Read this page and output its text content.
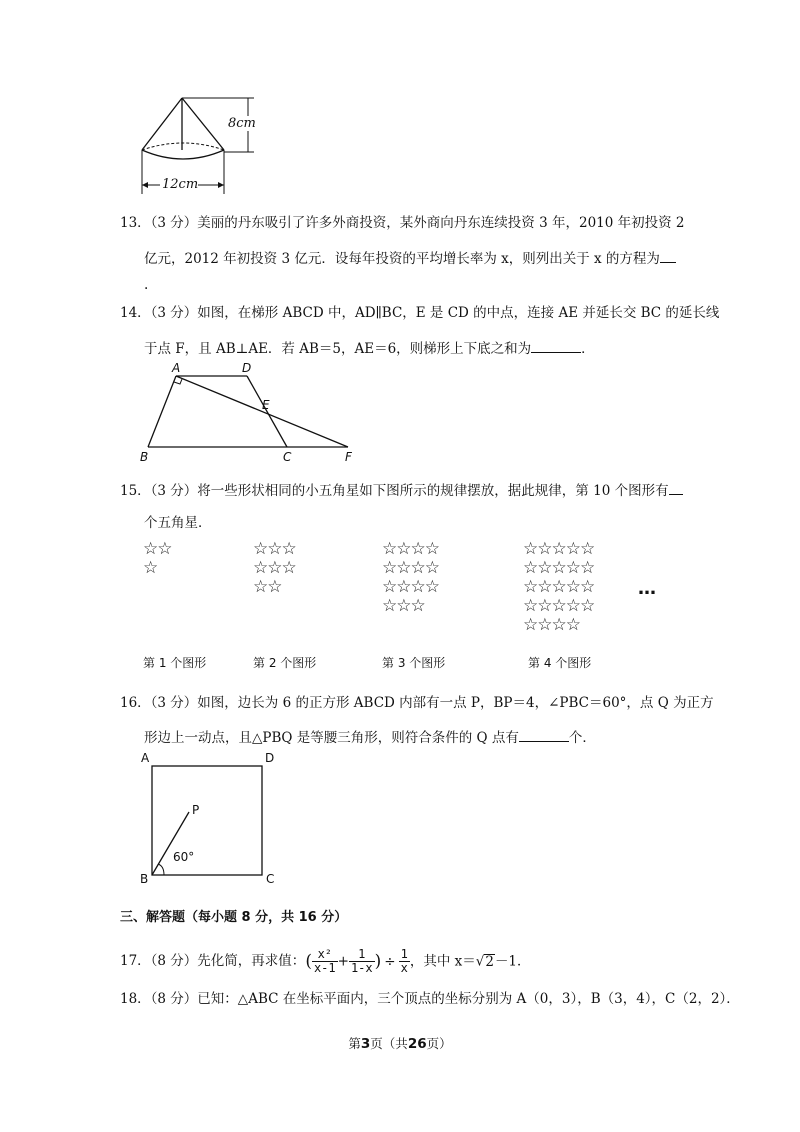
8cm
12cm
13．（3 分）美丽的丹东吸引了许多外商投资，某外商向丹东连续投资 3 年，2010 年初投资 2
亿元，2012 年初投资 3 亿元．设每年投资的平均增长率为 x，则列出关于 x 的方程为
.
14．（3 分）如图，在梯形 ABCD 中，AD∥BC，E 是 CD 的中点，连接 AE 并延长交 BC 的延长线
于点 F，且 AB⊥AE．若 AB＝5，AE＝6，则梯形上下底之和为	．
A	D
E
B	C	F
15．（3 分）将一些形状相同的小五角星如下图所示的规律摆放，据此规律，第 10 个图形有
个五角星．
☆☆
☆
☆☆☆
☆☆☆
☆☆
☆☆☆☆
☆☆☆☆
☆☆☆☆
☆☆☆
☆☆☆☆☆
☆☆☆☆☆
☆☆☆☆☆
☆☆☆☆☆
☆☆☆☆
…
第 1 个图形	第 2 个图形	第 3 个图形	第 4 个图形
16．（3 分）如图，边长为 6 的正方形 ABCD 内部有一点 P，BP＝4，∠PBC＝60°，点 Q 为正方
形边上一动点，且△PBQ 是等腰三角形，则符合条件的 Q 点有	个．
A	D
P
60°
B	C
三、解答题（每小题 8 分，共 16 分）
17．（8 分）先化简，再求值：( $\frac{\text{x²}}{x-1} + \frac{1}{1-x}$ ) ÷ $\frac{1}{x}$ ，其中 x＝√2－1．
18．（8 分）已知：△ABC 在坐标平面内，三个顶点的坐标分别为 A（0，3），B（3，4），C（2，2）．
第3页（共26页）
